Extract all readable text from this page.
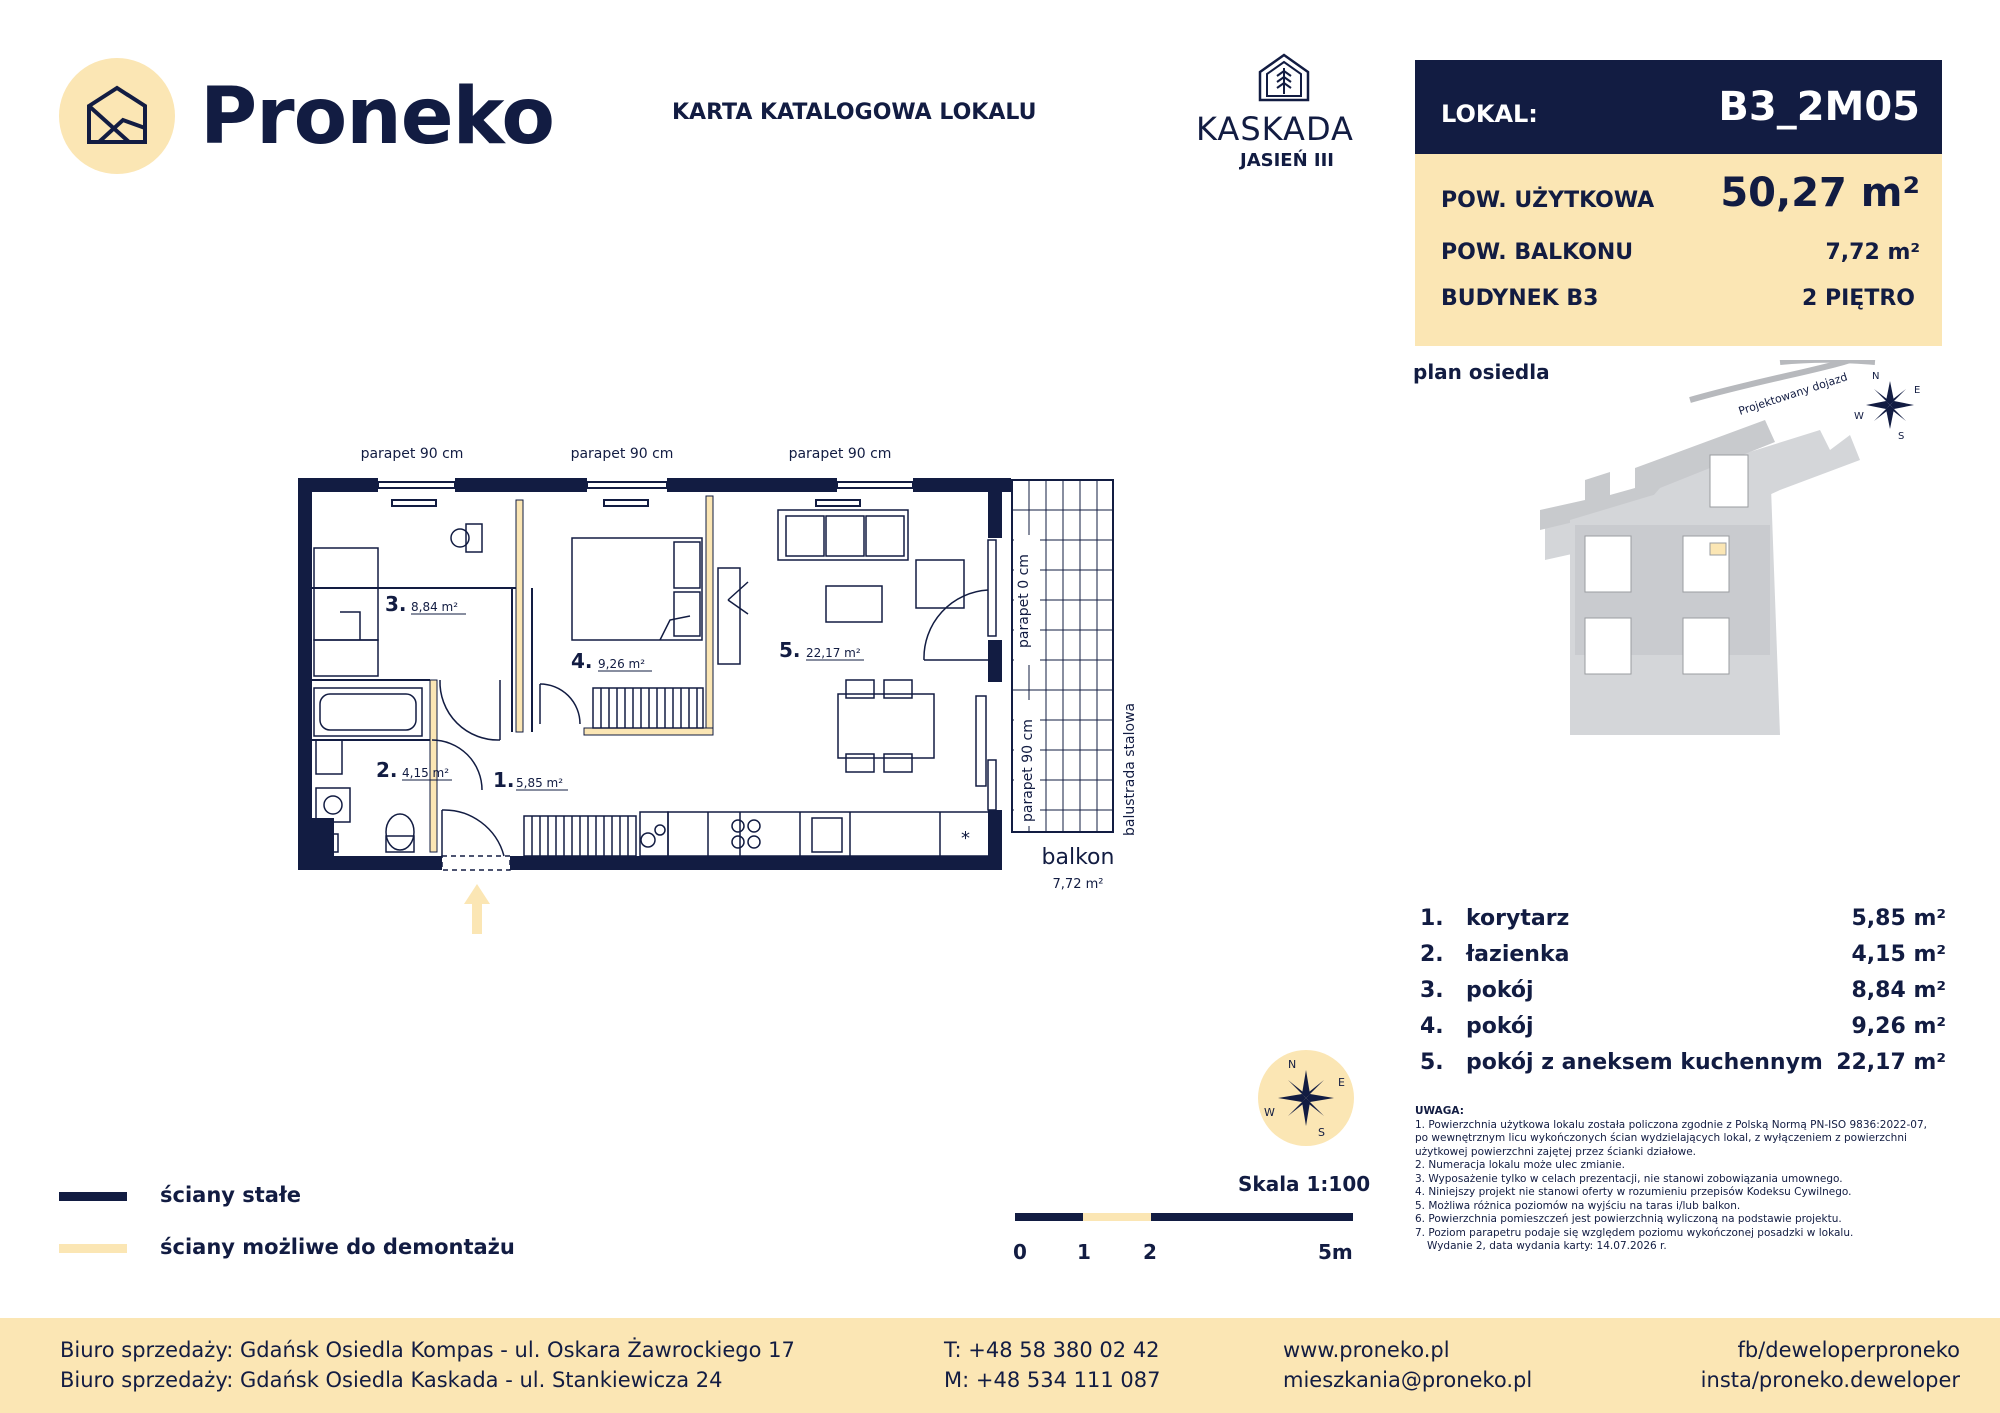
Proneko	KARTA KATALOGOWA LOKALU	KASKADA
JASIEŃ III
LOKAL:	B3_2M05
POW. UŻYTKOWA	50,27 m²
POW. BALKONU	7,72 m²
BUDYNEK B3	2 PIĘTRO
plan osiedla	Projektowany dojazd N
E
W
S
parapet 90 cm	parapet 90 cm	parapet 90 cm
parapet 0 cm
parapet 90 cm	balustrada stalowa
balkon
7,72 m²
*
1. 5,85 m²
2. 4,15 m²
3. 8,84 m²
4. 9,26 m²
5. 22,17 m²
N
E
W
S
1.	korytarz	5,85 m²
2.	łazienka	4,15 m²
3.	pokój	8,84 m²
4.	pokój	9,26 m²
5.	pokój z aneksem kuchennym 22,17 m²
UWAGA:
1. Powierzchnia użytkowa lokalu została policzona zgodnie z Polską Normą PN-ISO 9836:2022-07, po wewnętrznym licu wykończonych ścian wydzielających lokal, z wyłączeniem z powierzchni użytkowej powierzchni zajętej przez ścianki działowe.
2. Numeracja lokalu może ulec zmianie.
3. Wyposażenie tylko w celach prezentacji, nie stanowi zobowiązania umownego.
4. Niniejszy projekt nie stanowi oferty w rozumieniu przepisów Kodeksu Cywilnego.
5. Możliwa różnica poziomów na wyjściu na taras i/lub balkon.
6. Powierzchnia pomieszczeń jest powierzchnią wyliczoną na podstawie projektu.
7. Poziom parapetru podaje się względem poziomu wykończonej posadzki w lokalu.
Wydanie 2, data wydania karty: 14.07.2026 r.
ściany stałe
ściany możliwe do demontażu
Skala 1:100
0	1	2	5m
Biuro sprzedaży: Gdańsk Osiedla Kompas - ul. Oskara Żawrockiego 17
Biuro sprzedaży: Gdańsk Osiedla Kaskada - ul. Stankiewicza 24
T: +48 58 380 02 42
M: +48 534 111 087
www.proneko.pl
mieszkania@proneko.pl
fb/deweloperproneko
insta/proneko.deweloper
